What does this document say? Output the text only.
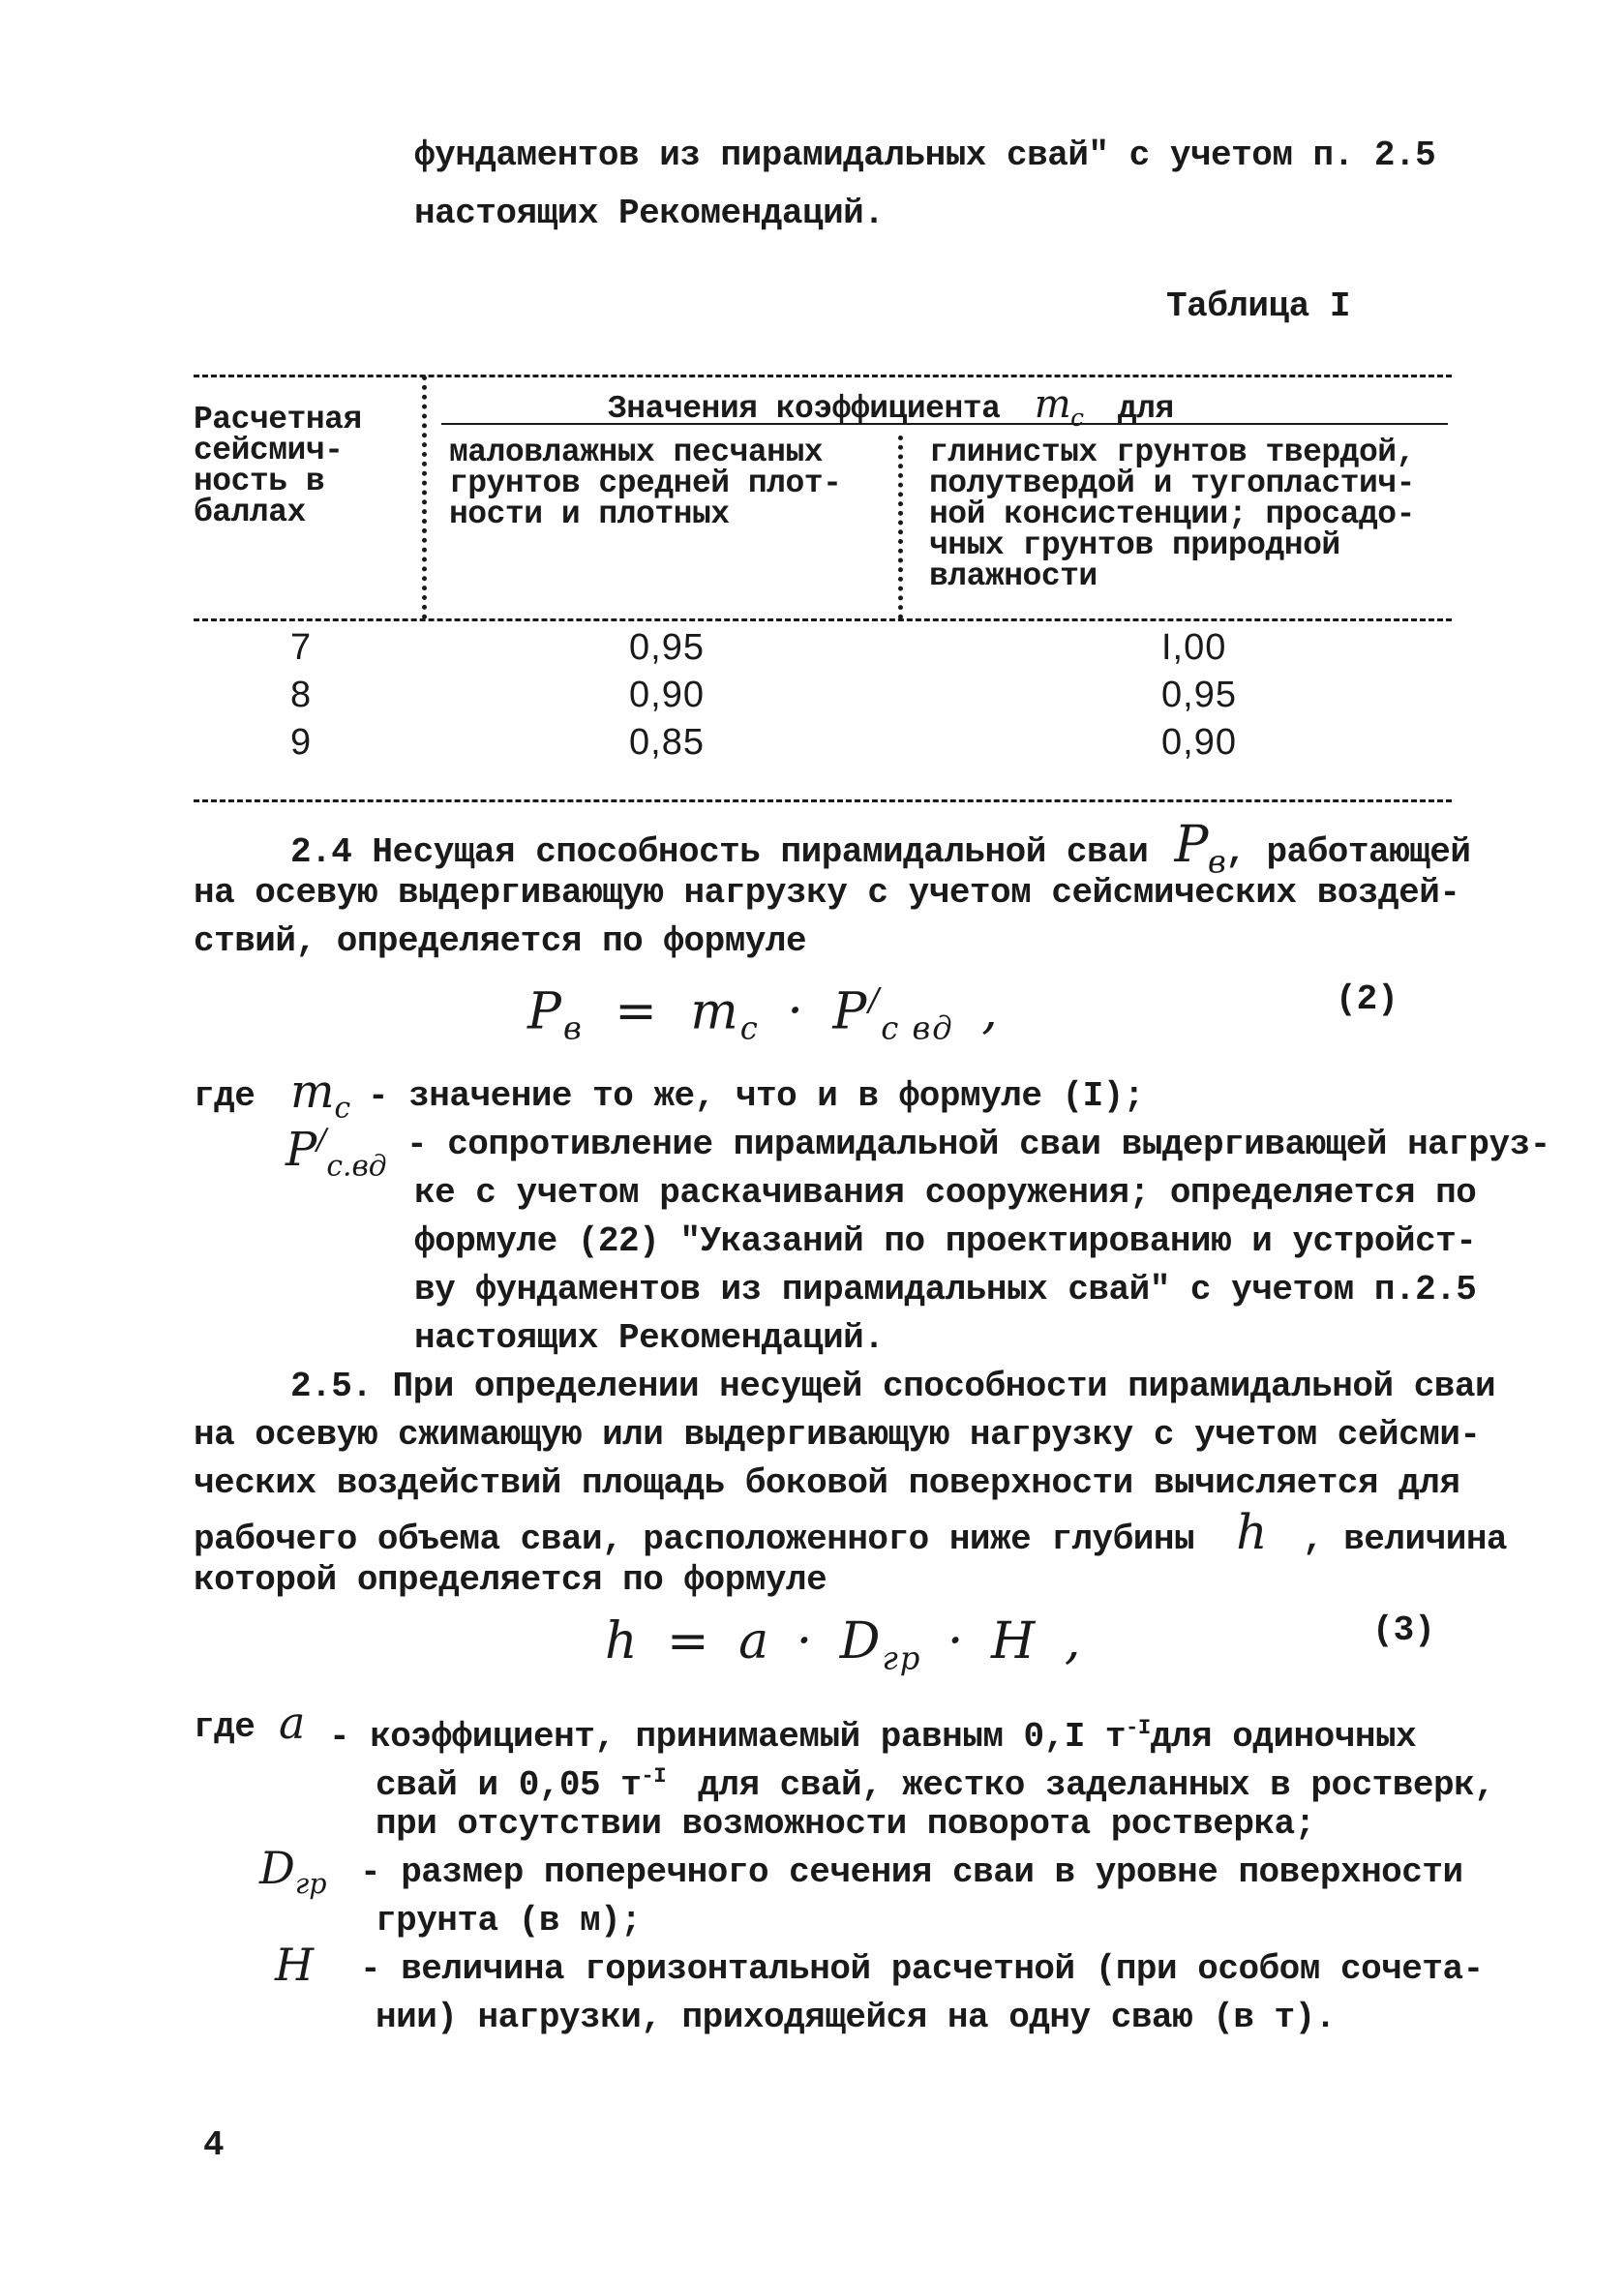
фундаментов из пирамидальных свай" с учетом п. 2.5
настоящих Рекомендаций.
Таблица I
Расчетная
сейсмич-
ность в
баллах
Значения коэффициента $m_c$ для
маловлажных песчаных
грунтов средней плот-
ности и плотных
глинистых грунтов твердой,
полутвердой и тугопластич-
ной консистенции; просадо-
чных грунтов природной
влажности
7	0,95	I,00
8	0,90	0,95
9	0,85	0,90
2.4 Несущая способность пирамидальной сваи $P_в$, работающей
на осевую выдергивающую нагрузку с учетом сейсмических воздей-
ствий, определяется по формуле
$P_в = m_c \cdot P^/_{c вд}$ ,	(2)
где $m_c$ - значение то же, что и в формуле (I);
$P^/_{c.вд}$
- сопротивление пирамидальной сваи выдергивающей нагруз-
ке с учетом раскачивания сооружения; определяется по
формуле (22) "Указаний по проектированию и устройст-
ву фундаментов из пирамидальных свай" с учетом п.2.5
настоящих Рекомендаций.
2.5. При определении несущей способности пирамидальной сваи
на осевую сжимающую или выдергивающую нагрузку с учетом сейсми-
ческих воздействий площадь боковой поверхности вычисляется для
рабочего объема сваи, расположенного ниже глубины h , величина
которой определяется по формуле
$h = a \cdot D_{гр} \cdot H$ ,	(3)
где a - коэффициент, принимаемый равным 0,I $т^{-I}для$ одиночных
свай и 0,05 $т^{-I}$ для свай, жестко заделанных в ростверк,
при отсутствии возможности поворота ростверка;
$D_{гр}$ - размер поперечного сечения сваи в уровне поверхности
грунта (в м);
H - величина горизонтальной расчетной (при особом сочета-
нии) нагрузки, приходящейся на одну сваю (в т).
4
